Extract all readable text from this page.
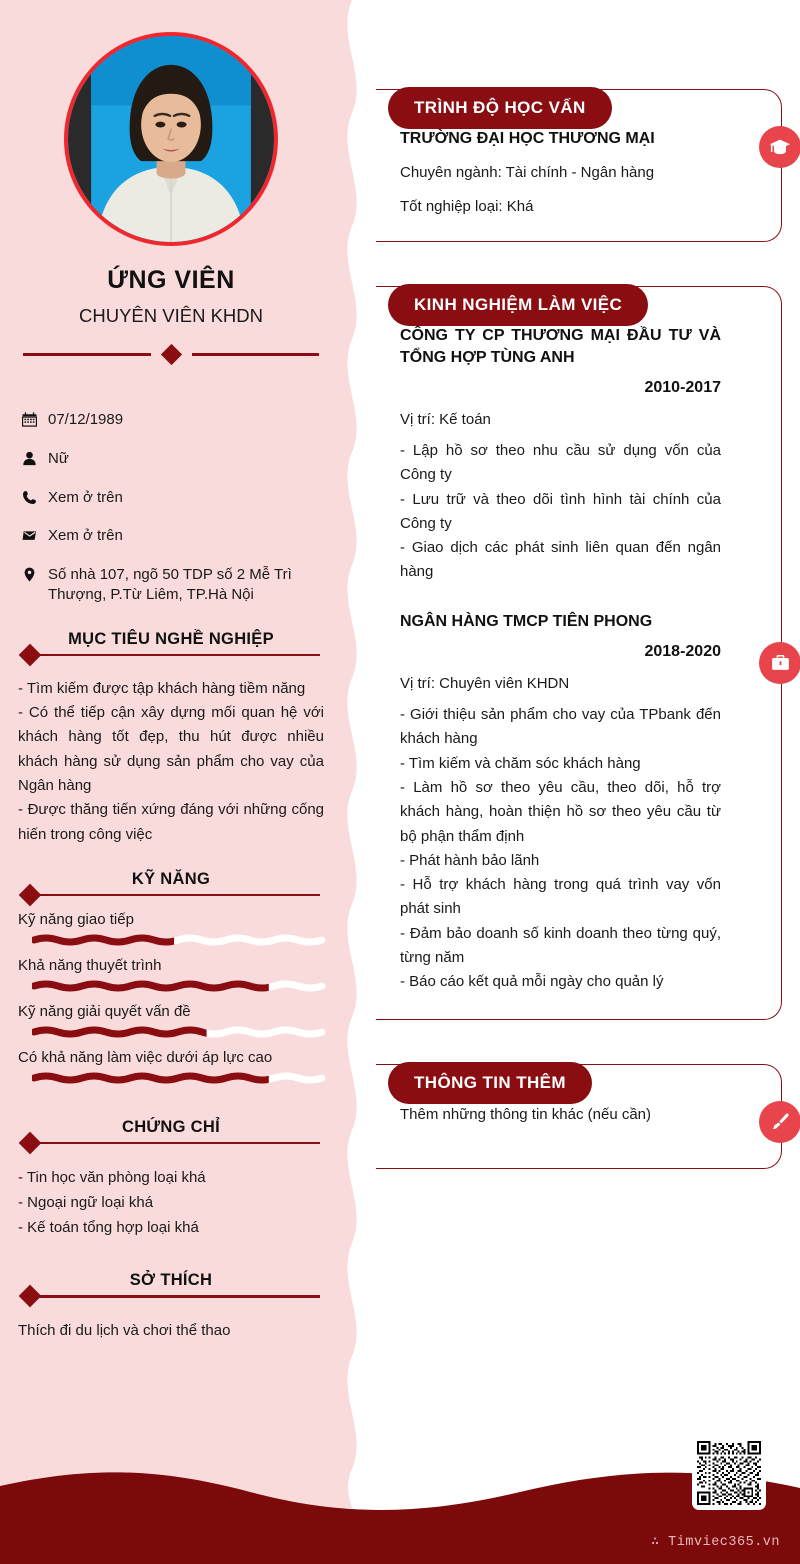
ỨNG VIÊN
CHUYÊN VIÊN KHDN
07/12/1989
Nữ
Xem ở trên
Xem ở trên
Số nhà 107, ngõ 50 TDP số 2 Mễ Trì Thượng, P.Từ Liêm, TP.Hà Nội
MỤC TIÊU NGHỀ NGHIỆP

- Tìm kiếm được tập khách hàng tiềm năng

- Có thể tiếp cận xây dựng mối quan hệ với khách hàng tốt đẹp, thu hút được nhiều khách hàng sử dụng sản phẩm cho vay của Ngân hàng

- Được thăng tiến xứng đáng với những cống hiến trong công việc

KỸ NĂNG
Kỹ năng giao tiếp
Khả năng thuyết trình
Kỹ năng giải quyết vấn đề
Có khả năng làm việc dưới áp lực cao
CHỨNG CHỈ

- Tin học văn phòng loại khá

- Ngoại ngữ loại khá

- Kế toán tổng hợp loại khá

SỞ THÍCH

Thích đi du lịch và chơi thể thao

TRÌNH ĐỘ HỌC VẤN
TRƯỜNG ĐẠI HỌC THƯƠNG MẠI
Chuyên ngành: Tài chính - Ngân hàng
Tốt nghiệp loại: Khá
KINH NGHIỆM LÀM VIỆC
CÔNG TY CP THƯƠNG MẠI ĐẦU TƯ VÀ
TỔNG HỢP TÙNG ANH
2010-2017
Vị trí: Kế toán

- Lập hồ sơ theo nhu cầu sử dụng vốn của Công ty

- Lưu trữ và theo dõi tình hình tài chính của Công ty

- Giao dịch các phát sinh liên quan đến ngân hàng

NGÂN HÀNG TMCP TIÊN PHONG
2018-2020
Vị trí: Chuyên viên KHDN

- Giới thiệu sản phẩm cho vay của TPbank đến khách hàng

- Tìm kiếm và chăm sóc khách hàng

- Làm hồ sơ theo yêu cầu, theo dõi, hỗ trợ khách hàng, hoàn thiện hồ sơ theo yêu cầu từ bộ phận thẩm định

- Phát hành bảo lãnh

- Hỗ trợ khách hàng trong quá trình vay vốn phát sinh

- Đảm bảo doanh số kinh doanh theo từng quý, từng năm

- Báo cáo kết quả mỗi ngày cho quản lý

THÔNG TIN THÊM
Thêm những thông tin khác (nếu cần)
∴ Timviec365.vn
